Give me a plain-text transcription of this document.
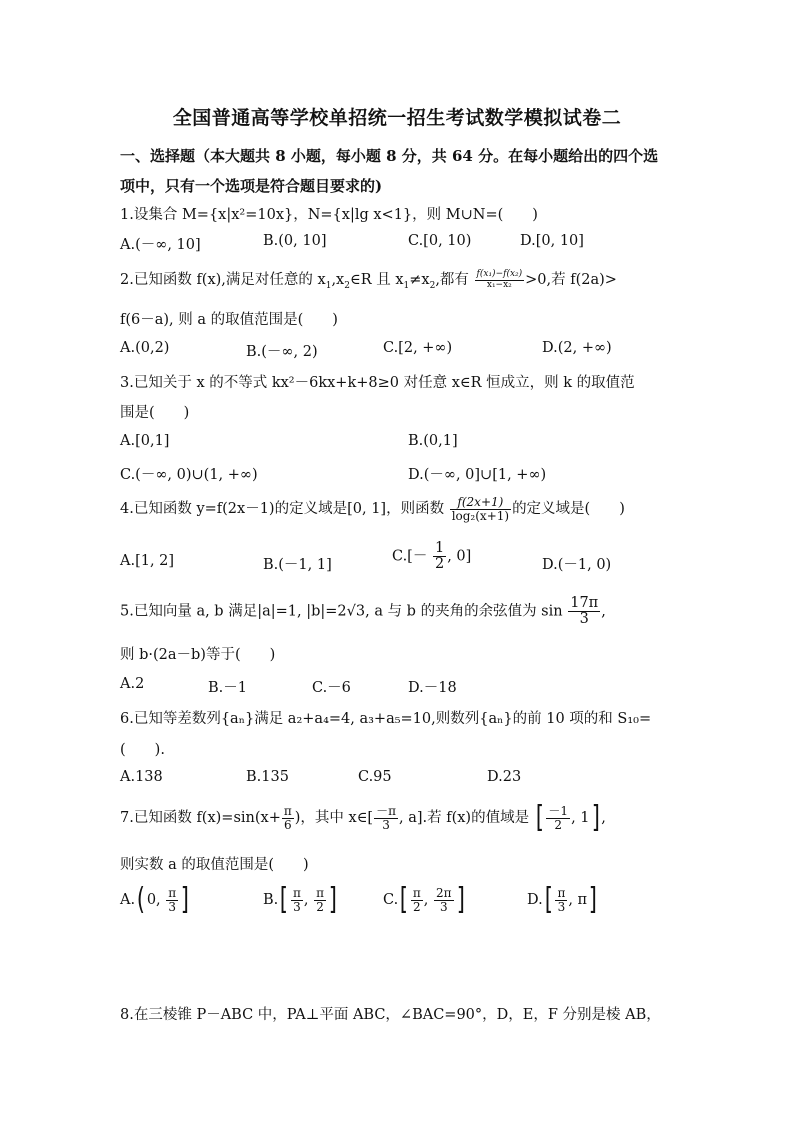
全国普通高等学校单招统一招生考试数学模拟试卷二
一、选择题（本大题共 8 小题，每小题 8 分，共 64 分。在每小题给出的四个选
项中，只有一个选项是符合题目要求的)
1.设集合 M={x|x²=10x}，N={x|lg x<1}，则 M∪N=(　　)
A.(－∞, 10]	B.(0, 10]	C.[0, 10)	D.[0, 10]
2.已知函数 f(x),满足对任意的 $x_1,x_2\in R$ 且 $x_1\ne x_2$,都有 $\frac{\text{f(x₁)−f(x₂)}}{\text{x₁−x₂}} >0$,若 f(2a)>
f(6－a), 则 a 的取值范围是(　　)
A.(0,2)	B.(－∞, 2)	C.[2, +∞)	D.(2, +∞)
3.已知关于 x 的不等式 kx²－6kx+k+8≥0 对任意 x∈R 恒成立，则 k 的取值范
围是(　　)
A.[0,1]	B.(0,1]
C.(－∞, 0)∪(1, +∞)	D.(－∞, 0]∪[1, +∞)
4.已知函数 y=f(2x－1)的定义域是[0, 1]，则函数 $\frac{f(2x+1)}{\text{log₂(x+1)}}$ 的定义域是(　　)
A.[1, 2]	B.(－1, 1]
$C.[- \frac{1}{2}$ , 0]
D.(－1, 0)
5.已知向量 a, b 满足|a|=1, |b|=2√3, a 与 b 的夹角的余弦值为 $\sin \frac{17\pi}{3}$ ,
则 b·(2a－b)等于(　　)
A.2	B.－1	C.－6	D.－18
6.已知等差数列{aₙ}满足 a₂+a₄=4, a₃+a₅=10,则数列{aₙ}的前 10 项的和 S₁₀=
(　　).
A.138	B.135	C.95	D.23
7.已知函数 $f(x)=\sin(x+ \frac{\pi}{6}$ )，其中 x∈[ $\frac{-\pi}{3}$ , a].若 f(x)的值域是 [ $\frac{-1}{2}$ , 1] ,
则实数 a 的取值范围是(　　)
A.( 0, $\frac{\pi}{3}$ ]	$B.[ \frac{\pi}{3}$ , $\frac{\pi}{2}$ ]	$C.[ \frac{\pi}{2}$ , $\frac{2\pi}{3}$ ]	$D.[ \frac{\pi}{3}$ , π]
8.在三棱锥 P－ABC 中，PA⊥平面 ABC，∠BAC=90°，D，E，F 分别是棱 AB，
